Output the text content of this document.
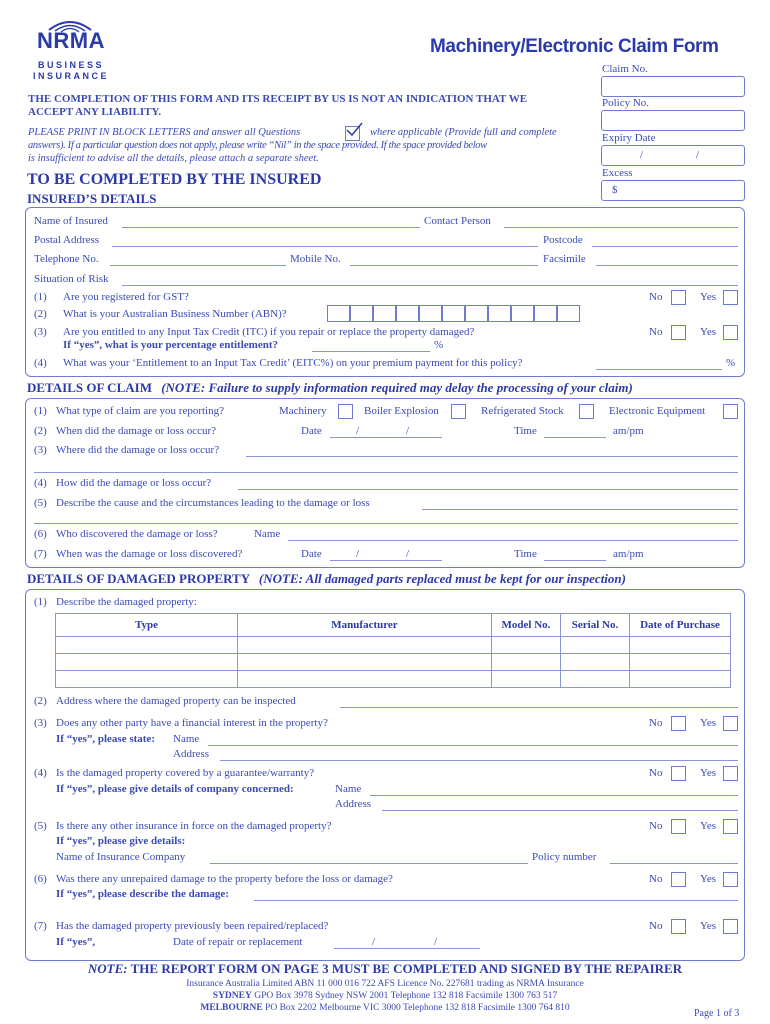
NRMA
BUSINESS
INSURANCE
Machinery/Electronic Claim Form
Claim No.
Policy No.
Expiry Date
/	/
Excess
$
THE COMPLETION OF THIS FORM AND ITS RECEIPT BY US IS NOT AN INDICATION THAT WE
ACCEPT ANY LIABILITY.
PLEASE PRINT IN BLOCK LETTERS and answer all Questions	where applicable (Provide full and complete
answers). If a particular question does not apply, please write “Nil” in the space provided. If the space provided below
is insufficient to advise all the details, please attach a separate sheet.
TO BE COMPLETED BY THE INSURED
INSURED’S DETAILS
Name of Insured	Contact Person
Postal Address	Postcode
Telephone No.	Mobile No.	Facsimile
Situation of Risk
(1) Are you registered for GST?	No	Yes
(2) What is your Australian Business Number (ABN)?
(3) Are you entitled to any Input Tax Credit (ITC) if you repair or replace the property damaged?	No	Yes
If “yes”, what is your percentage entitlement?	%
(4) What was your ‘Entitlement to an Input Tax Credit’ (EITC%) on your premium payment for this policy?	%
DETAILS OF CLAIM (NOTE: Failure to supply information required may delay the processing of your claim)
(1) What type of claim are you reporting?	Machinery	Boiler Explosion	Refrigerated Stock	Electronic Equipment
(2) When did the damage or loss occur?	Date	/	/	Time	am/pm
(3) Where did the damage or loss occur?
(4) How did the damage or loss occur?
(5) Describe the cause and the circumstances leading to the damage or loss
(6) Who discovered the damage or loss?	Name
(7) When was the damage or loss discovered?	Date	/	/	Time	am/pm
DETAILS OF DAMAGED PROPERTY (NOTE: All damaged parts replaced must be kept for our inspection)
(1) Describe the damaged property:
Type	Manufacturer	Model No.	Serial No.	Date of Purchase

(2) Address where the damaged property can be inspected
(3) Does any other party have a financial interest in the property?	No	Yes
If “yes”, please state: Name
Address
(4) Is the damaged property covered by a guarantee/warranty?	No	Yes
If “yes”, please give details of company concerned:	Name
Address
(5) Is there any other insurance in force on the damaged property?	No	Yes
If “yes”, please give details:
Name of Insurance Company	Policy number
(6) Was there any unrepaired damage to the property before the loss or damage?	No	Yes
If “yes”, please describe the damage:
(7) Has the damaged property previously been repaired/replaced?	No	Yes
If “yes”,	Date of repair or replacement	/	/
NOTE: THE REPORT FORM ON PAGE 3 MUST BE COMPLETED AND SIGNED BY THE REPAIRER
Insurance Australia Limited ABN 11 000 016 722 AFS Licence No. 227681 trading as NRMA Insurance
SYDNEY GPO Box 3978 Sydney NSW 2001 Telephone 132 818 Facsimile 1300 763 517
MELBOURNE PO Box 2202 Melbourne VIC 3000 Telephone 132 818 Facsimile 1300 764 810	Page 1 of 3
